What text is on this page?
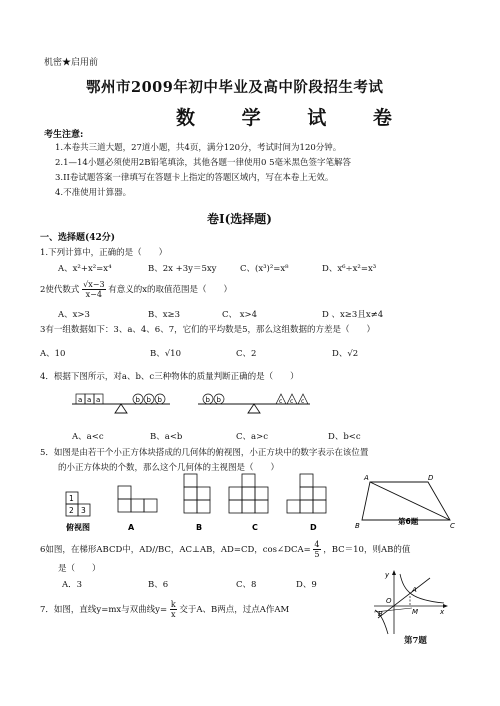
机密★启用前
鄂州市2009年初中毕业及高中阶段招生考试
数 学 试 卷
考生注意:
1.本卷共三道大题，27道小题，共4页，满分120分，考试时间为120分钟。
2.1—14小题必须使用2B铅笔填涂，其他各题一律使用0 5毫米黑色签字笔解答
3.II卷试题答案一律填写在答题卡上指定的答题区域内，写在本卷上无效。
4.不准使用计算器。
卷Ⅰ(选择题)
一、选择题(42分)
1.下列计算中，正确的是（　　）
A、x²+x²=x⁴	B、2x +3y＝5xy	C、(x³)²=x⁸	D、x⁶÷x²=x³
2使代数式 $\frac{√x-3}{x-4}$ 有意义的x的取值范围是（　　）
A、x>3	B、x≥3	C、 x>4	D 、x≥3且x≠4
3有一组数据如下：3、a、4、6、7，它们的平均数是5，那么这组数据的方差是（　　）
A、10	B、√10	C、2	D、√2
4．根据下图所示，对a、b、c三种物体的质量判断正确的是（　　）
a a a	b b b	b b	c c c
A、a<c	B、a<b	C、a>c	D、b<c
5．如图是由若干个小正方体块搭成的几何体的俯视图，小正方块中的数字表示在该位置
的小正方体块的个数，那么这个几何体的主视图是（　　）
1
2 3
俯视图	A	B	C	D
A	D
B	C
第6题
6如图，在梯形ABCD中，AD//BC，AC⊥AB，AD=CD，cos∠DCA= $\frac{4}{5}$ ，BC＝10，则AB的值
是（　　）
A．3	B、6	C、8	D、9
7．如图，直线y=mx与双曲线$y= \frac{k}{x}$ 交于A、B两点，过点A作AM
y
A
O
B	M	x
第7题
